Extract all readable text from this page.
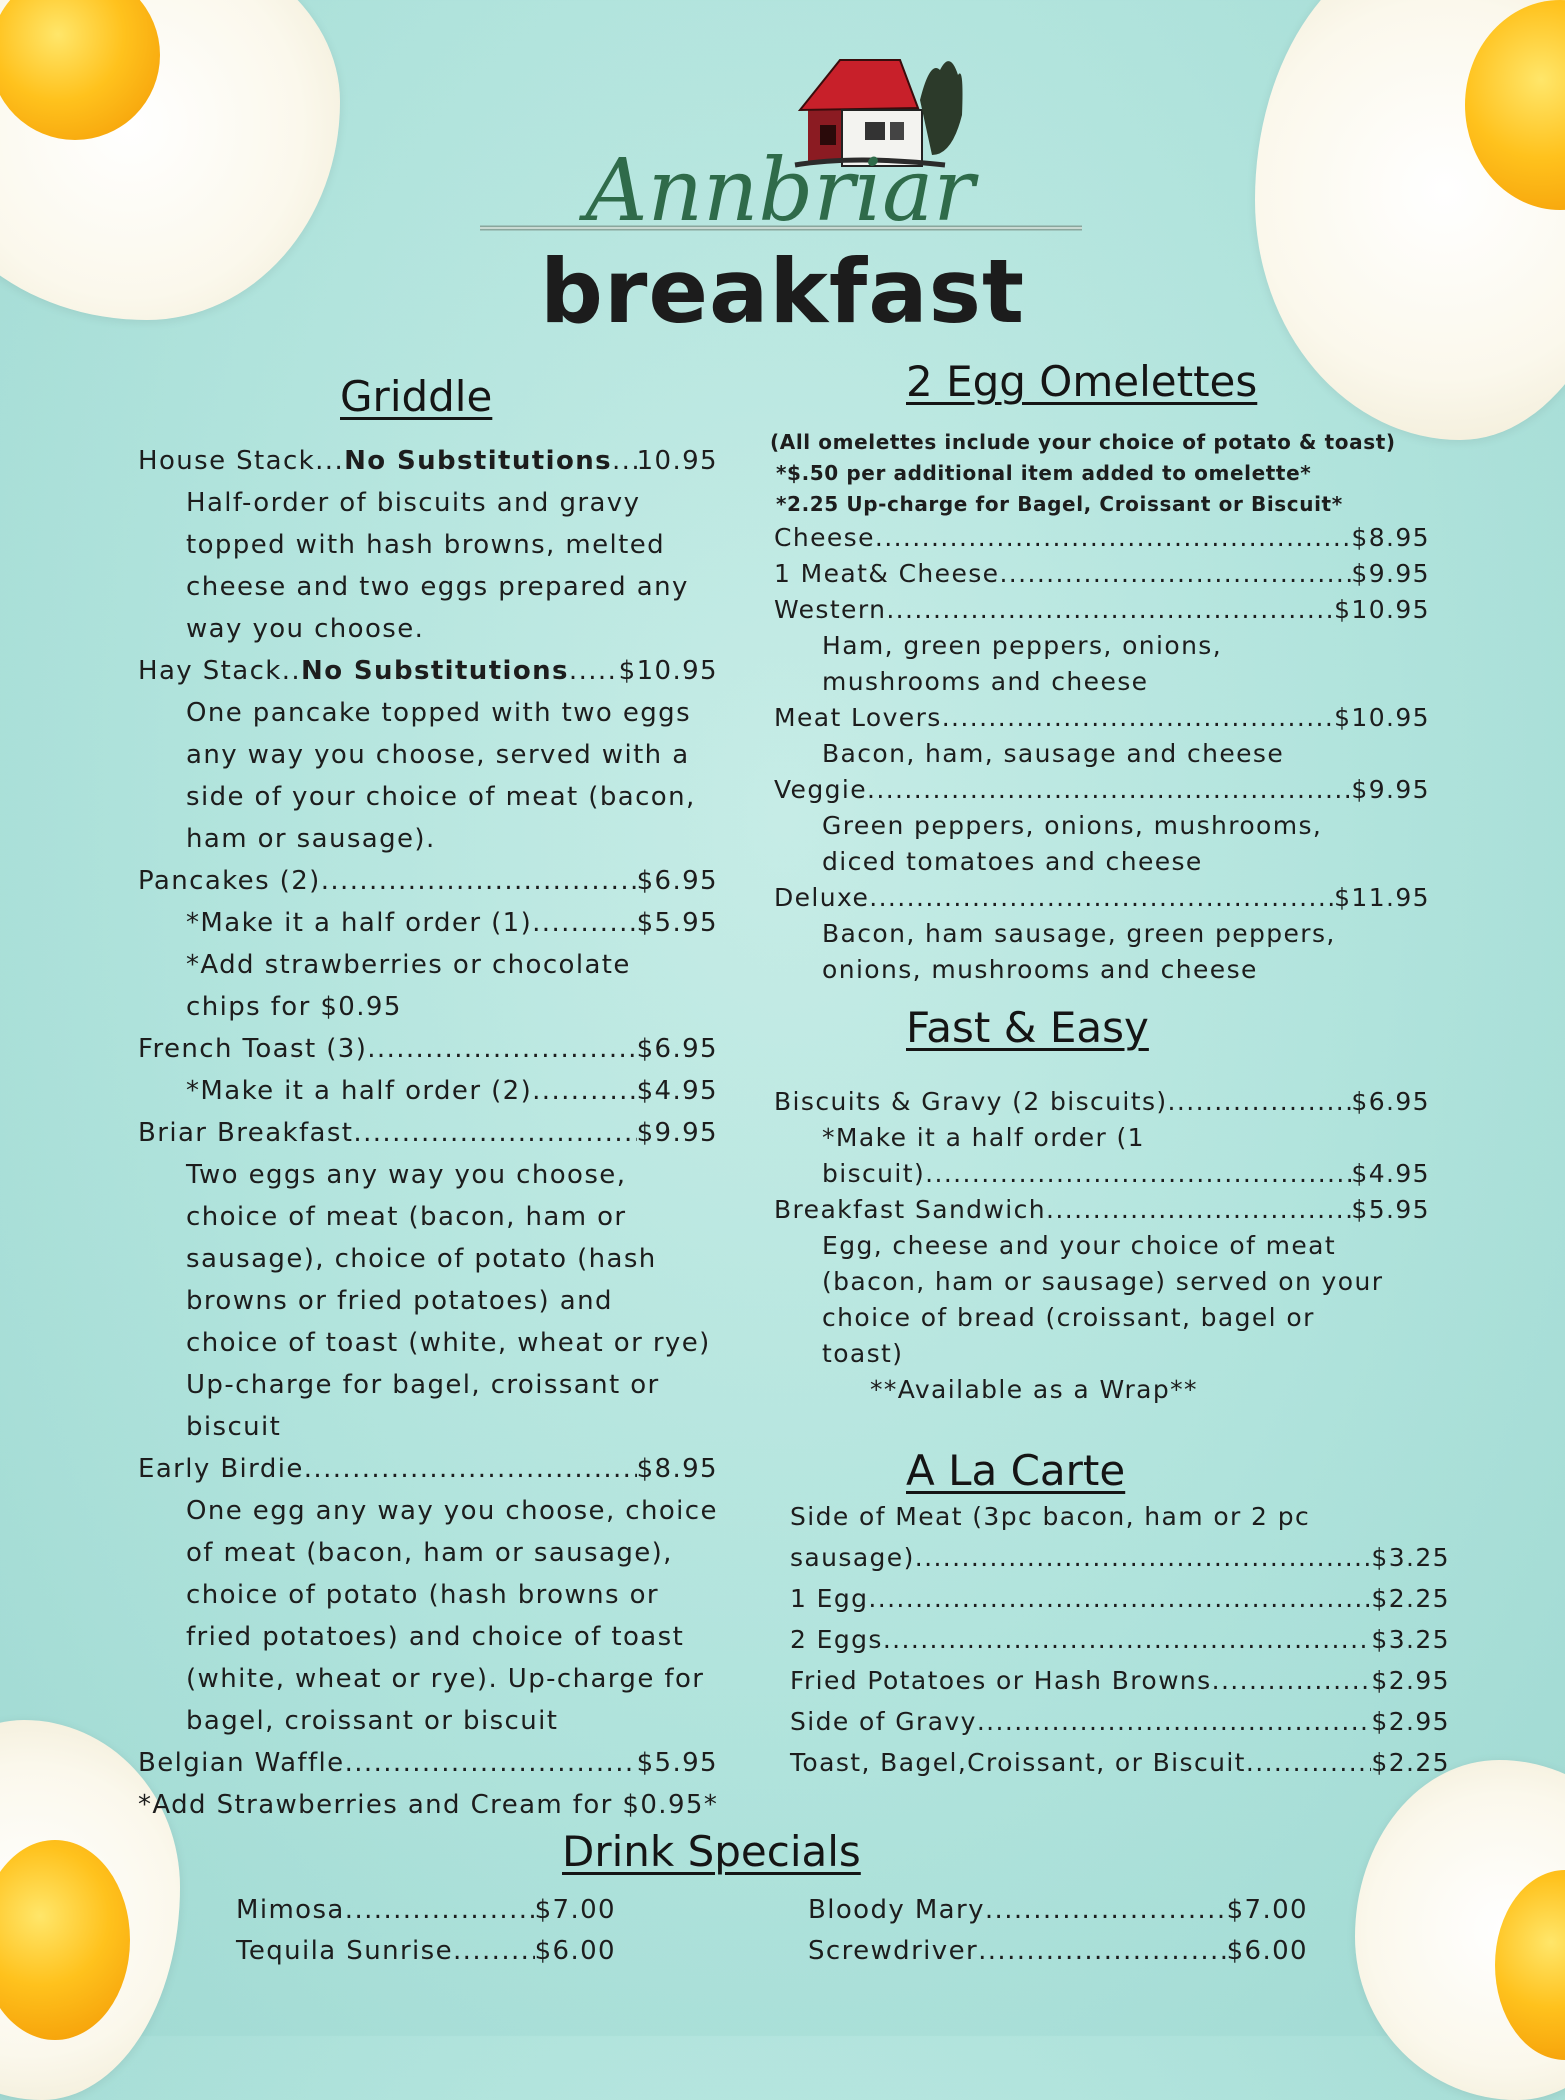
Annbriar
breakfast
Griddle	2 Egg Omelettes
Fast & Easy
A La Carte
Drink Specials
House Stack... No Substitutions ..... 10.95
Half-order of biscuits and gravy
topped with hash browns, melted
cheese and two eggs prepared any
way you choose.
Hay Stack.. No Substitutions ..... $10.95
One pancake topped with two eggs
any way you choose, served with a
side of your choice of meat (bacon,
ham or sausage).
Pancakes (2) .....	$6.95
*Make it a half order (1) .....	$5.95
*Add strawberries or chocolate
chips for $0.95
French Toast (3) .....	$6.95
*Make it a half order (2) .....	$4.95
Briar Breakfast .....	$9.95
Two eggs any way you choose,
choice of meat (bacon, ham or
sausage), choice of potato (hash
browns or fried potatoes) and
choice of toast (white, wheat or rye)
Up-charge for bagel, croissant or
biscuit
Early Birdie .....	$8.95
One egg any way you choose, choice
of meat (bacon, ham or sausage),
choice of potato (hash browns or
fried potatoes) and choice of toast
(white, wheat or rye). Up-charge for
bagel, croissant or biscuit
Belgian Waffle .....	$5.95
*Add Strawberries and Cream for $0.95*
(All omelettes include your choice of potato & toast)
*$.50 per additional item added to omelette*
*2.25 Up-charge for Bagel, Croissant or Biscuit*
Cheese .....	$8.95
1 Meat& Cheese .....	$9.95
Western .....	$10.95
Ham, green peppers, onions,
mushrooms and cheese
Meat Lovers .....	$10.95
Bacon, ham, sausage and cheese
Veggie .....	$9.95
Green peppers, onions, mushrooms,
diced tomatoes and cheese
Deluxe .....	$11.95
Bacon, ham sausage, green peppers,
onions, mushrooms and cheese
Biscuits & Gravy (2 biscuits) .....	$6.95
*Make it a half order (1
biscuit) .....	$4.95
Breakfast Sandwich .....	$5.95
Egg, cheese and your choice of meat
(bacon, ham or sausage) served on your
choice of bread (croissant, bagel or
toast)
**Available as a Wrap**
Side of Meat (3pc bacon, ham or 2 pc
sausage) .....	$3.25
1 Egg .....	$2.25
2 Eggs .....	$3.25
Fried Potatoes or Hash Browns .....	$2.95
Side of Gravy .....	$2.95
Toast, Bagel,Croissant, or Biscuit .....	$2.25
Mimosa .....	$7.00
Tequila Sunrise .....	$6.00
Bloody Mary .....	$7.00
Screwdriver .....	$6.00
